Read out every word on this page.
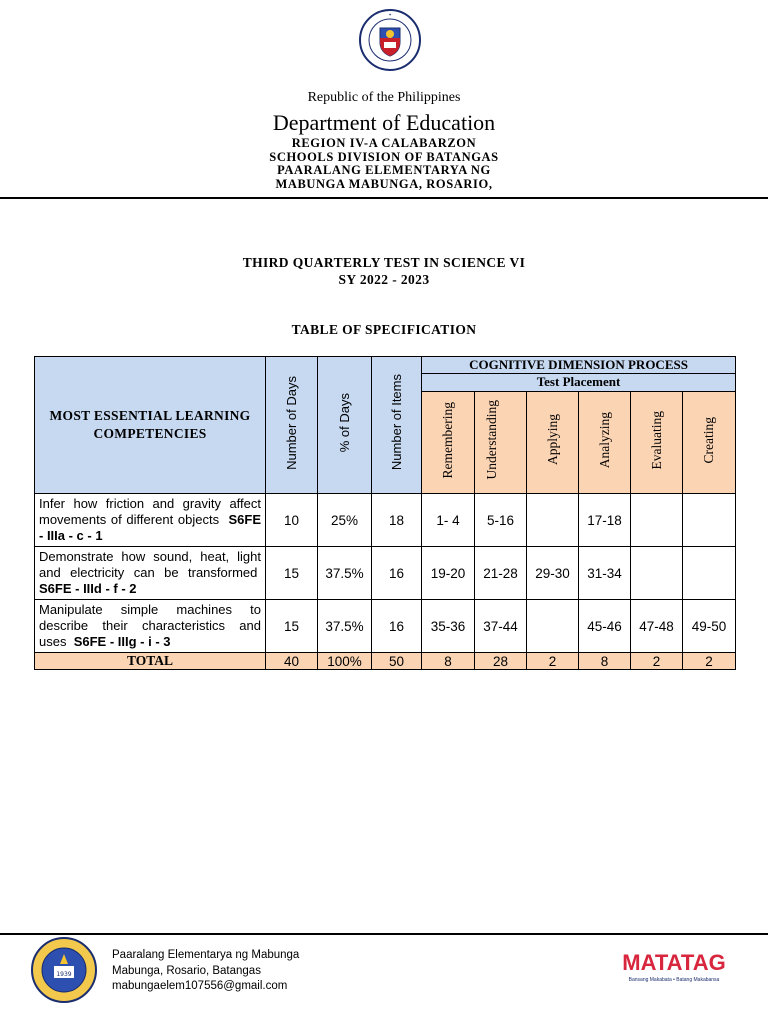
✦
Republic of the Philippines
Department of Education
REGION IV-A CALABARZON
SCHOOLS DIVISION OF BATANGAS
PAARALANG ELEMENTARYA NG
MABUNGA MABUNGA, ROSARIO,
THIRD QUARTERLY TEST IN SCIENCE VI
SY 2022 - 2023
TABLE OF SPECIFICATION
MOST ESSENTIAL LEARNING COMPETENCIES	Number of Days	% of Days	Number of Items	COGNITIVE DIMENSION PROCESS					
				Test Placement					
				Remembering	Understanding	Applying	Analyzing	Evaluating	Creating
Infer how friction and gravity affect movements of different objects S6FE - IIIa - c - 1	10	25%	18	1- 4	5-16		17-18		
Demonstrate how sound, heat, light and electricity can be transformed  S6FE - IIId - f - 2	15	37.5%	16	19-20	21-28	29-30	31-34		
Manipulate simple machines to describe their characteristics and uses S6FE - IIIg - i - 3	15	37.5%	16	35-36	37-44		45-46	47-48	49-50
TOTAL	40	100%	50	8	28	2	8	2	2
1939
Paaralang Elementarya ng Mabunga
Mabunga, Rosario, Batangas
mabungaelem107556@gmail.com
MATATAG
Bansang Makabata • Batang Makabansa
